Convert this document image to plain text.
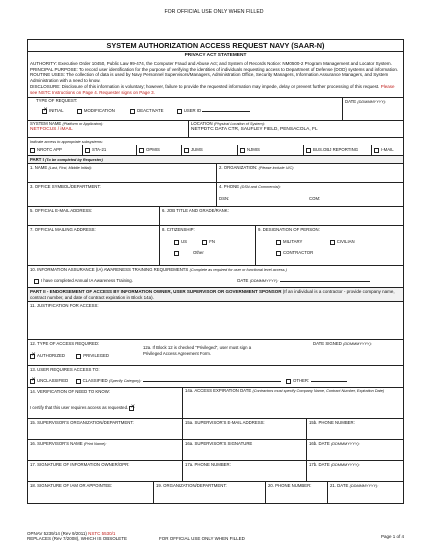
FOR OFFICIAL USE ONLY WHEN FILLED
SYSTEM AUTHORIZATION ACCESS REQUEST NAVY (SAAR-N)
PRIVACY ACT STATEMENT

AUTHORITY: Executive Order 10450, Public Law 99-474, the Computer Fraud and Abuse Act; and System of Records Notice: NM0500-2 Program Management and Locator System.

PRINCIPAL PURPOSE: To record user identification for the purpose of verifying the identities of individuals requesting access to Department of Defense (DOD) systems and information.

ROUTINE USES: The collection of data is used by Navy Personnel Supervisors/Managers, Administration Office, Security Managers, Information Assurance Managers, and System Administration with a need to know.

DISCLOSURE: Disclosure of this information is voluntary; however, failure to provide the requested information may impede, delay or prevent further processing of this request. Please see NSTC Instructions on Page 4. Requester signs on Page 3.

TYPE OF REQUEST:
✕INITIAL	MODIFICATION	DEACTIVATE	USER ID
DATE (DDMMMYYYY):
SYSTEM NAME (Platform or Applicaton):
NETFOCUS / iMAIL
LOCATION (Physical Location of System):
NETPDTC DATA CTR, SAUFLEY FIELD, PENSACOLA, FL
Indicate access to appropriate subsystems:
NROTC APP	STA-21	OPMIS	JUMS	NJMIS	BUS.OBJ REPORTING	I-MAIL
PART I (To be completed by Requester)
1. NAME (Last, First, Middle Initial):	2. ORGANIZATION: (Please include UIC)
3. OFFICE SYMBOL/DEPARTMENT:	4. PHONE (DSN and Commercial):
DSN:	COM:
5. OFFICIAL E-MAIL ADDRESS:	6. JOB TITLE AND GRADE/RANK:
7. OFFICIAL MAILING ADDRESS:	8. CITIZENSHIP:
US	FN
Other
9. DESIGNATION OF PERSON:
MILITARY	CIVILIAN
CONTRACTOR
10. INFORMATION ASSURANCE (IA) AWARENESS TRAINING REQUIREMENTS (Complete as required for user or functional level access.)
I have completed Annual IA Awareness Training.	DATE (DDMMMYYYY):
PART II - ENDORSEMENT OF ACCESS BY INFORMATION OWNER, USER SUPERVISOR OR GOVERNMENT SPONSOR (If an individual is a contractor - provide company name, contract number, and date of contract expiration in Block 14a).
11. JUSTIFICATION FOR ACCESS:
12. TYPE OF ACCESS REQUIRED:
✕AUTHORIZED	PRIVILEGED
12a. If Block 12 is checked "Privileged", user must sign a Privileged Access Agreement Form.
DATE SIGNED (DDMMMYYYY):
13. USER REQUIRES ACCESS TO:
✕UNCLASSIFIED	CLASSIFIED (Specify Category):	OTHER:
14. VERIFICATION OF NEED TO KNOW:
I certify that this user requires access as requested. ✕
14a. ACCESS EXPIRATION DATE (Contractors must specify Company Name, Contract Number, Expiration Date)
15. SUPERVISOR'S ORGANIZATION/DEPARTMENT:	15a. SUPERVISOR'S E-MAIL ADDRESS:	15b. PHONE NUMBER:
16. SUPERVISOR'S NAME (Print Name):	16a. SUPERVISOR'S SIGNATURE	16b. DATE (DDMMMYYYY):
17. SIGNATURE OF INFORMATION OWNER/OPR:	17a. PHONE NUMBER:	17b. DATE (DDMMMYYYY):
18. SIGNATURE OF IAM OR APPOINTEE:	19. ORGANIZATION/DEPARTMENT:	20. PHONE NUMBER:	21. DATE (DDMMMYYYY):
OPNAV 5239/14 (Rev 9/2011) NSTC 5530/1
REPLACES (Rev 7/2008), WHICH IS OBSOLETE	FOR OFFICIAL USE ONLY WHEN FILLED	Page 1 of 4
